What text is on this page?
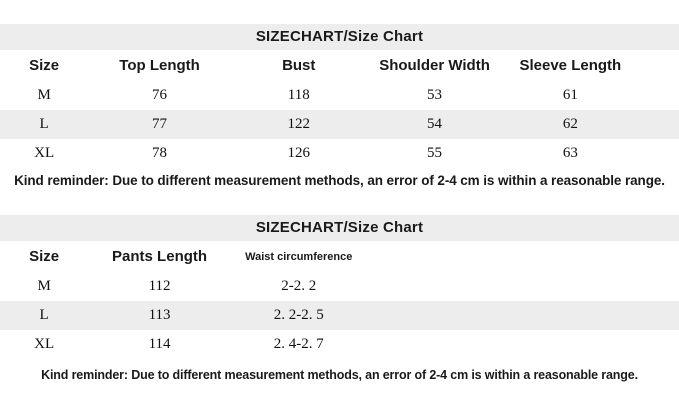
SIZECHART/Size Chart
Size	Top Length	Bust	Shoulder Width	Sleeve Length	
M	76	118	53	61	
L	77	122	54	62	
XL	78	126	55	63	
Kind reminder: Due to different measurement methods, an error of 2-4 cm is within a reasonable range.
SIZECHART/Size Chart
Size	Pants Length	Waist circumference			
M	112	2-2. 2			
L	113	2. 2-2. 5			
XL	114	2. 4-2. 7			
Kind reminder: Due to different measurement methods, an error of 2-4 cm is within a reasonable range.
